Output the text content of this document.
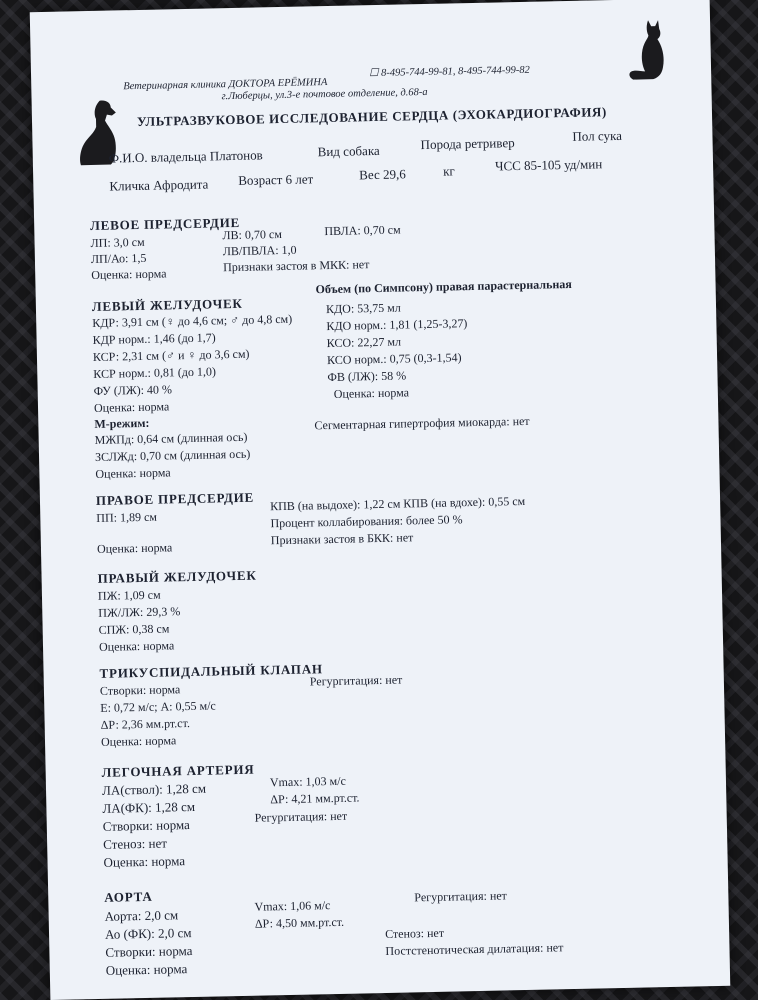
Ветеринарная клиника ДОКТОРА ЕРЁМИНА
☐ 8-495-744-99-81, 8-495-744-99-82
г.Люберцы, ул.3-е почтовое отделение, д.68-а
УЛЬТРАЗВУКОВОЕ ИССЛЕДОВАНИЕ СЕРДЦА (ЭХОКАРДИОГРАФИЯ)
Ф.И.О. владельца Платонов	Вид собака	Порода ретривер	Пол сука
Кличка Афродита Возраст 6 лет	Вес 29,6	кг	ЧСС 85-105 уд/мин
ЛЕВОЕ ПРЕДСЕРДИЕ
ЛП: 3,0 см
ЛП/Ао: 1,5
Оценка: норма
ЛВ: 0,70 см	ПВЛА: 0,70 см
ЛВ/ПВЛА: 1,0
Признаки застоя в МКК: нет
ЛЕВЫЙ ЖЕЛУДОЧЕК
Объем (по Симпсону) правая парастернальная
КДР: 3,91 см (♀ до 4,6 см; ♂ до 4,8 см)
КДР норм.: 1,46 (до 1,7)
КСР: 2,31 см (♂ и ♀ до 3,6 см)
КСР норм.: 0,81 (до 1,0)
ФУ (ЛЖ): 40 %
Оценка: норма
КДО: 53,75 мл
КДО норм.: 1,81 (1,25-3,27)
КСО: 22,27 мл
КСО норм.: 0,75 (0,3-1,54)
ФВ (ЛЖ): 58 %
Оценка: норма
М-режим:
МЖПд: 0,64 см (длинная ось)
ЗСЛЖд: 0,70 см (длинная ось)
Оценка: норма
Сегментарная гипертрофия миокарда: нет
ПРАВОЕ ПРЕДСЕРДИЕ
ПП: 1,89 см
Оценка: норма
КПВ (на выдохе): 1,22 см КПВ (на вдохе): 0,55 см
Процент коллабирования: более 50 %
Признаки застоя в БКК: нет
ПРАВЫЙ ЖЕЛУДОЧЕК
ПЖ: 1,09 см
ПЖ/ЛЖ: 29,3 %
СПЖ: 0,38 см
Оценка: норма
ТРИКУСПИДАЛЬНЫЙ КЛАПАН
Створки: норма
Е: 0,72 м/с; А: 0,55 м/с
ΔР: 2,36 мм.рт.ст.
Оценка: норма
Регургитация: нет
ЛЕГОЧНАЯ АРТЕРИЯ
ЛА(ствол): 1,28 см
ЛА(ФК): 1,28 см
Створки: норма
Стеноз: нет
Оценка: норма
Vmax: 1,03 м/с
ΔР: 4,21 мм.рт.ст.
Регургитация: нет
АОРТА
Аорта: 2,0 см
Ао (ФК): 2,0 см
Створки: норма
Оценка: норма
Vmax: 1,06 м/с
ΔР: 4,50 мм.рт.ст.
Регургитация: нет
Стеноз: нет
Постстенотическая дилатация: нет
